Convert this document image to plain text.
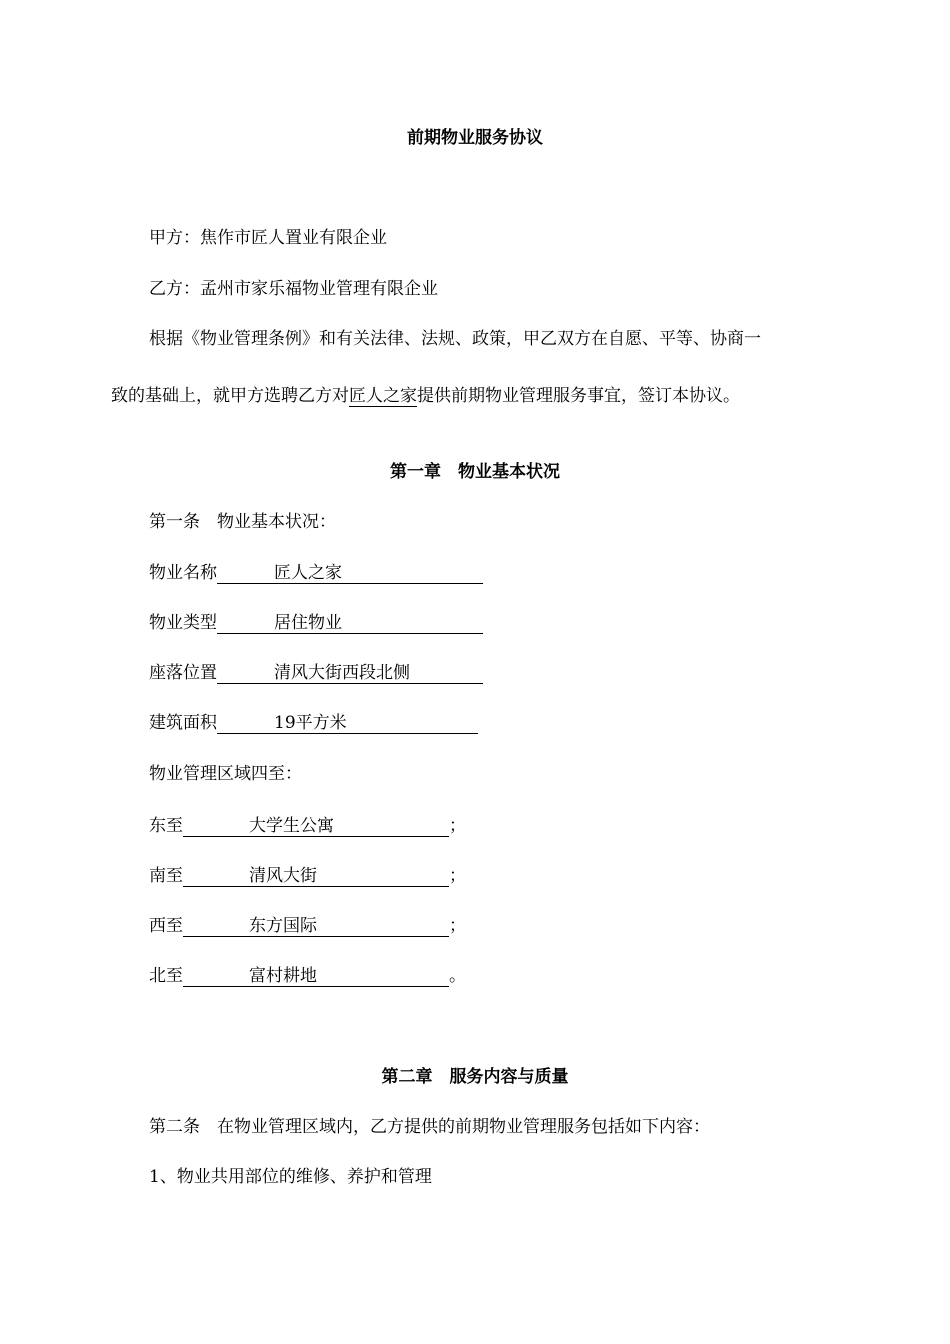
前期物业服务协议
甲方：焦作市匠人置业有限企业
乙方：孟州市家乐福物业管理有限企业
根据《物业管理条例》和有关法律、法规、政策，甲乙双方在自愿、平等、协商一
致的基础上，就甲方选聘乙方对匠人之家提供前期物业管理服务事宜，签订本协议。
第一章　物业基本状况
第一条　物业基本状况：
物业名称	匠人之家
物业类型	居住物业
座落位置	清风大街西段北侧
建筑面积	19平方米
物业管理区域四至：
东至	大学生公寓	；
南至	清风大街	；
西至	东方国际	；
北至	富村耕地	。
第二章　服务内容与质量
第二条　在物业管理区域内，乙方提供的前期物业管理服务包括如下内容：
1、物业共用部位的维修、养护和管理
